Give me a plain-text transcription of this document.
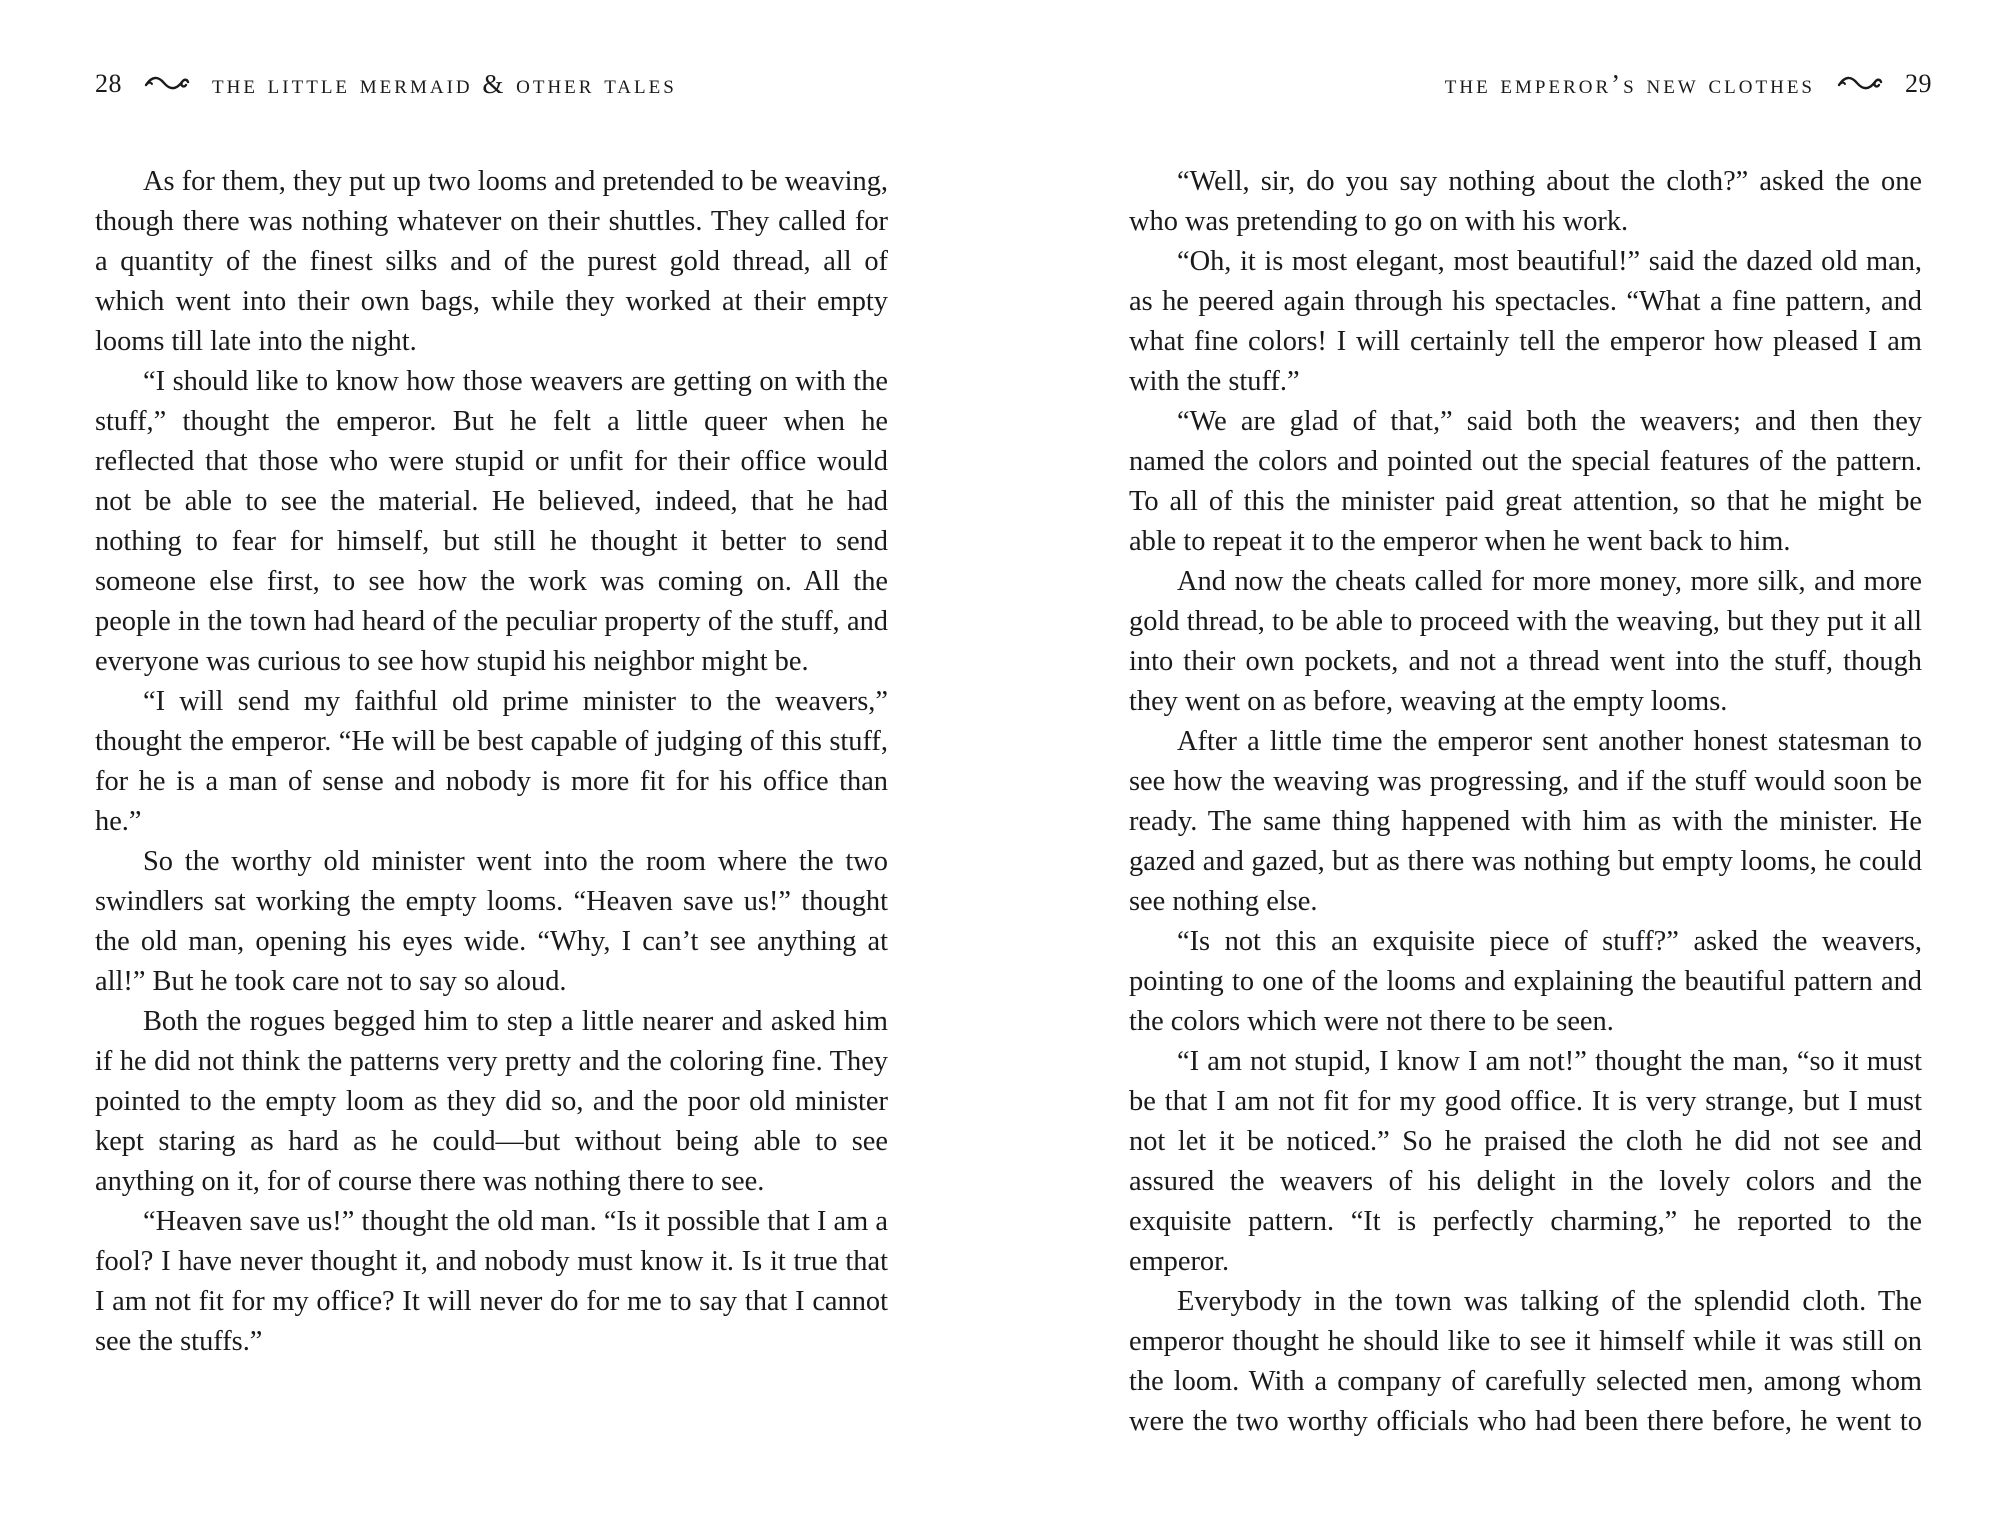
28	the little mermaid & other tales

As for them, they put up two looms and pretended to be weaving, though there was nothing whatever on their shuttles. They called for a quantity of the finest silks and of the purest gold thread, all of which went into their own bags, while they worked at their empty looms till late into the night.

“I should like to know how those weavers are getting on with the stuff,” thought the emperor. But he felt a little queer when he reflected that those who were stupid or unfit for their office would not be able to see the material. He believed, indeed, that he had nothing to fear for himself, but still he thought it better to send someone else first, to see how the work was coming on. All the people in the town had heard of the peculiar property of the stuff, and everyone was curious to see how stupid his neighbor might be.

“I will send my faithful old prime minister to the weavers,” thought the emperor. “He will be best capable of judging of this stuff, for he is a man of sense and nobody is more fit for his office than he.”

So the worthy old minister went into the room where the two swindlers sat working the empty looms. “Heaven save us!” thought the old man, opening his eyes wide. “Why, I can’t see anything at all!” But he took care not to say so aloud.

Both the rogues begged him to step a little nearer and asked him if he did not think the patterns very pretty and the coloring fine. They pointed to the empty loom as they did so, and the poor old minister kept staring as hard as he could—but without being able to see anything on it, for of course there was nothing there to see.

“Heaven save us!” thought the old man. “Is it possible that I am a fool? I have never thought it, and nobody must know it. Is it true that I am not fit for my office? It will never do for me to say that I cannot see the stuffs.”

the emperor’s new clothes	29

“Well, sir, do you say nothing about the cloth?” asked the one who was pretending to go on with his work.

“Oh, it is most elegant, most beautiful!” said the dazed old man, as he peered again through his spectacles. “What a fine pattern, and what fine colors! I will certainly tell the emperor how pleased I am with the stuff.”

“We are glad of that,” said both the weavers; and then they named the colors and pointed out the special features of the pattern. To all of this the minister paid great attention, so that he might be able to repeat it to the emperor when he went back to him.

And now the cheats called for more money, more silk, and more gold thread, to be able to proceed with the weaving, but they put it all into their own pockets, and not a thread went into the stuff, though they went on as before, weaving at the empty looms.

After a little time the emperor sent another honest statesman to see how the weaving was progressing, and if the stuff would soon be ready. The same thing happened with him as with the minister. He gazed and gazed, but as there was nothing but empty looms, he could see nothing else.

“Is not this an exquisite piece of stuff?” asked the weavers, pointing to one of the looms and explaining the beautiful pattern and the colors which were not there to be seen.

“I am not stupid, I know I am not!” thought the man, “so it must be that I am not fit for my good office. It is very strange, but I must not let it be noticed.” So he praised the cloth he did not see and assured the weavers of his delight in the lovely colors and the exquisite pattern. “It is perfectly charming,” he reported to the emperor.

Everybody in the town was talking of the splendid cloth. The emperor thought he should like to see it himself while it was still on the loom. With a company of carefully selected men, among whom were the two worthy officials who had been there before, he went to
